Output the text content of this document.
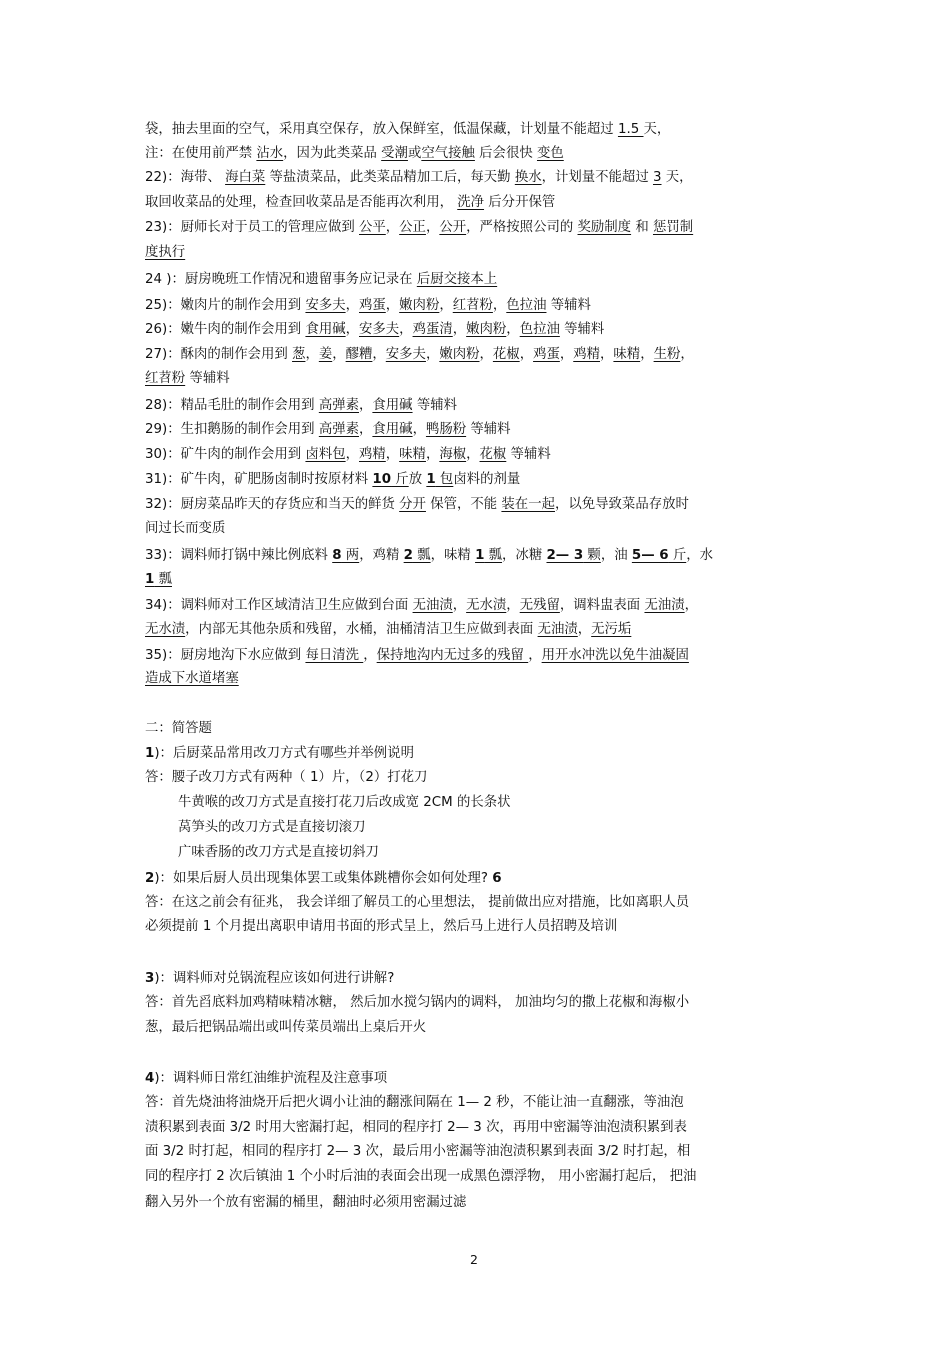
袋，抽去里面的空气，采用真空保存，放入保鲜室，低温保藏，计划量不能超过 1.5 天，
注：在使用前严禁 沾水，因为此类菜品 受潮或空气接触 后会很快 变色
22)：海带、 海白菜 等盐渍菜品，此类菜品精加工后，每天勤 换水，计划量不能超过 3 天，
取回收菜品的处理，检查回收菜品是否能再次利用， 洗净 后分开保管
23)：厨师长对于员工的管理应做到 公平，公正，公开，严格按照公司的 奖励制度 和 惩罚制
度执行
24 )：厨房晚班工作情况和遗留事务应记录在 后厨交接本上
25)：嫩肉片的制作会用到 安多夫，鸡蛋，嫩肉粉，红苕粉，色拉油 等辅料
26)：嫩牛肉的制作会用到 食用碱，安多夫，鸡蛋清，嫩肉粉，色拉油 等辅料
27)：酥肉的制作会用到 葱，姜，醪糟，安多夫，嫩肉粉，花椒，鸡蛋，鸡精，味精，生粉，
红苕粉 等辅料
28)：精品毛肚的制作会用到 高弹素，食用碱 等辅料
29)：生扣鹅肠的制作会用到 高弹素，食用碱，鸭肠粉 等辅料
30)：矿牛肉的制作会用到 卤料包，鸡精，味精，海椒，花椒 等辅料
31)：矿牛肉，矿肥肠卤制时按原材料 10 斤放 1 包卤料的剂量
32)：厨房菜品昨天的存货应和当天的鲜货 分开 保管，不能 装在一起，以免导致菜品存放时
间过长而变质
33)：调料师打锅中辣比例底料 8 两，鸡精 2 瓢，味精 1 瓢，冰糖 2— 3 颗，油 5— 6 斤，水
1 瓢
34)：调料师对工作区域清洁卫生应做到台面 无油渍，无水渍，无残留，调料盅表面 无油渍，
无水渍，内部无其他杂质和残留，水桶，油桶清洁卫生应做到表面 无油渍，无污垢
35)：厨房地沟下水应做到 每日清洗 ，保持地沟内无过多的残留 ，用开水冲洗以免牛油凝固
造成下水道堵塞
二：简答题
1)：后厨菜品常用改刀方式有哪些并举例说明
答：腰子改刀方式有两种（ 1）片，（2）打花刀
牛黄喉的改刀方式是直接打花刀后改成宽 2CM 的长条状
莴笋头的改刀方式是直接切滚刀
广味香肠的改刀方式是直接切斜刀
2)：如果后厨人员出现集体罢工或集体跳槽你会如何处理? 6
答：在这之前会有征兆， 我会详细了解员工的心里想法， 提前做出应对措施，比如离职人员
必须提前 1 个月提出离职申请用书面的形式呈上，然后马上进行人员招聘及培训
3)：调料师对兑锅流程应该如何进行讲解?
答：首先舀底料加鸡精味精冰糖， 然后加水搅匀锅内的调料， 加油均匀的撒上花椒和海椒小
葱，最后把锅品端出或叫传菜员端出上桌后开火
4)：调料师日常红油维护流程及注意事项
答：首先烧油将油烧开后把火调小让油的翻涨间隔在 1— 2 秒，不能让油一直翻涨，等油泡
渍积累到表面 3/2 时用大密漏打起，相同的程序打 2— 3 次，再用中密漏等油泡渍积累到表
面 3/2 时打起，相同的程序打 2— 3 次，最后用小密漏等油泡渍积累到表面 3/2 时打起，相
同的程序打 2 次后镇油 1 个小时后油的表面会出现一成黑色漂浮物， 用小密漏打起后， 把油
翻入另外一个放有密漏的桶里，翻油时必须用密漏过滤
2
